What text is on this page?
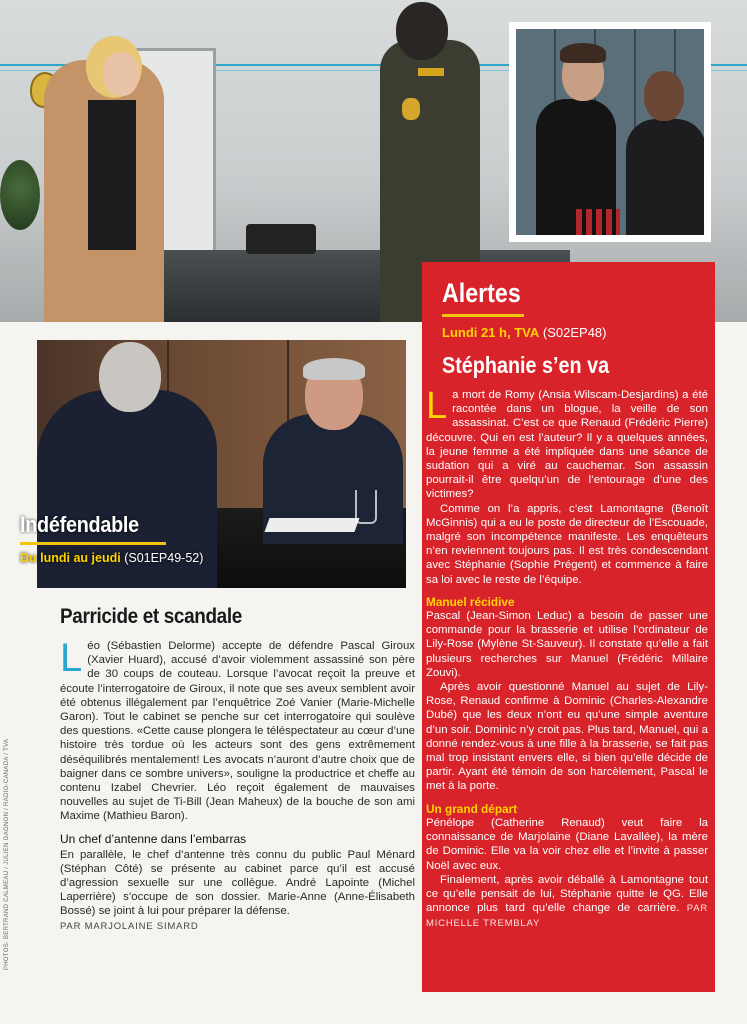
Indéfendable
Du lundi au jeudi (S01EP49-52)
Parricide et scandale
L éo (Sébastien Delorme) accepte de défendre Pascal Giroux (Xavier Huard), accusé d’avoir violemment assassiné son père de 30 coups de couteau. Lorsque l’avocat reçoit la preuve et écoute l’interrogatoire de Giroux, il note que ses aveux semblent avoir été obtenus illégalement par l’enquêtrice Zoé Vanier (Marie-Michelle Garon). Tout le cabinet se penche sur cet interrogatoire qui soulève des questions. «Cette cause plongera le téléspectateur au cœur d’une histoire très tordue où les acteurs sont des gens extrêmement déséquilibrés mentalement! Les avocats n’auront d’autre choix que de baigner dans ce sombre univers», souligne la productrice et cheffe au contenu Izabel Chevrier. Léo reçoit également de mauvaises nouvelles au sujet de Ti-Bill (Jean Maheux) de la bouche de son ami Maxime (Mathieu Baron).
Un chef d’antenne dans l’embarras
En parallèle, le chef d’antenne très connu du public Paul Ménard (Stéphan Côté) se présente au cabinet parce qu’il est accusé d’agression sexuelle sur une collègue. André Lapointe (Michel Laperrière) s’occupe de son dossier. Marie-Anne (Anne-Élisabeth Bossé) se joint à lui pour préparer la défense.
PAR MARJOLAINE SIMARD
Alertes
Lundi 21 h, TVA (S02EP48)
Stéphanie s’en va

L a mort de Romy (Ansia Wilscam-Desjardins) a été racontée dans un blogue, la veille de son assassinat. C’est ce que Renaud (Frédéric Pierre) découvre. Qui en est l’auteur? Il y a quelques années, la jeune femme a été impliquée dans une séance de sudation qui a viré au cauchemar. Son assassin pourrait-il être quelqu’un de l’entourage d’une des victimes?

Comme on l’a appris, c’est Lamontagne (Benoît McGinnis) qui a eu le poste de directeur de l’Escouade, malgré son incompétence manifeste. Les enquêteurs n’en reviennent toujours pas. Il est très condescendant avec Stéphanie (Sophie Prégent) et commence à faire sa loi avec le reste de l’équipe.

Manuel récidive

Pascal (Jean-Simon Leduc) a besoin de passer une commande pour la brasserie et utilise l’ordinateur de Lily-Rose (Mylène St-Sauveur). Il constate qu’elle a fait plusieurs recherches sur Manuel (Frédéric Millaire Zouvi).

Après avoir questionné Manuel au sujet de Lily-Rose, Renaud confirme à Dominic (Charles-Alexandre Dubé) que les deux n’ont eu qu’une simple aventure d’un soir. Dominic n’y croit pas. Plus tard, Manuel, qui a donné rendez-vous à une fille à la brasserie, se fait pas mal trop insistant envers elle, si bien qu’elle décide de partir. Ayant été témoin de son harcèlement, Pascal le met à la porte.

Un grand départ

Pénélope (Catherine Renaud) veut faire la connaissance de Marjolaine (Diane Lavallée), la mère de Dominic. Elle va la voir chez elle et l’invite à passer Noël avec eux.

Finalement, après avoir déballé à Lamontagne tout ce qu’elle pensait de lui, Stéphanie quitte le QG. Elle annonce plus tard qu’elle change de carrière. PAR MICHELLE TREMBLAY

PHOTOS: BERTRAND CALMEAU / JULIEN GAGNON / RADIO-CANADA / TVA
